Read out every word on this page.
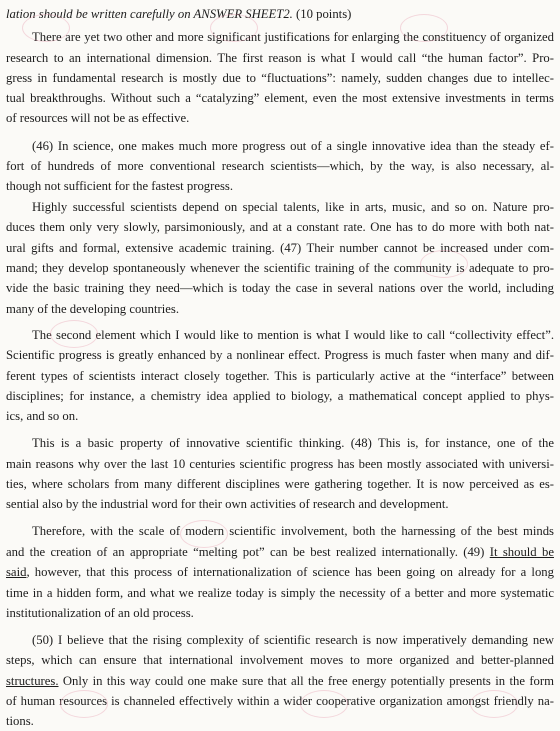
lation should be written carefully on ANSWER SHEET2. (10 points)
There are yet two other and more significant justifications for enlarging the constituency of organized
research to an international dimension. The first reason is what I would call “the human factor”. Pro-
gress in fundamental research is mostly due to “fluctuations”: namely, sudden changes due to intellec-
tual breakthroughs. Without such a “catalyzing” element, even the most extensive investments in terms
of resources will not be as effective.
(46) In science, one makes much more progress out of a single innovative idea than the steady ef-
fort of hundreds of more conventional research scientists—which, by the way, is also necessary, al-
though not sufficient for the fastest progress.
Highly successful scientists depend on special talents, like in arts, music, and so on. Nature pro-
duces them only very slowly, parsimoniously, and at a constant rate. One has to do more with both nat-
ural gifts and formal, extensive academic training. (47) Their number cannot be increased under com-
mand; they develop spontaneously whenever the scientific training of the community is adequate to pro-
vide the basic training they need—which is today the case in several nations over the world, including
many of the developing countries.
The second element which I would like to mention is what I would like to call “collectivity effect”.
Scientific progress is greatly enhanced by a nonlinear effect. Progress is much faster when many and dif-
ferent types of scientists interact closely together. This is particularly active at the “interface” between
disciplines; for instance, a chemistry idea applied to biology, a mathematical concept applied to phys-
ics, and so on.
This is a basic property of innovative scientific thinking. (48) This is, for instance, one of the
main reasons why over the last 10 centuries scientific progress has been mostly associated with universi-
ties, where scholars from many different disciplines were gathering together. It is now perceived as es-
sential also by the industrial word for their own activities of research and development.
Therefore, with the scale of modern scientific involvement, both the harnessing of the best minds
and the creation of an appropriate “melting pot” can be best realized internationally. (49) It should be
said, however, that this process of internationalization of science has been going on already for a long
time in a hidden form, and what we realize today is simply the necessity of a better and more systematic
institutionalization of an old process.
(50) I believe that the rising complexity of scientific research is now imperatively demanding new
steps, which can ensure that international involvement moves to more organized and better-planned
structures. Only in this way could one make sure that all the free energy potentially presents in the form
of human resources is channeled effectively within a wider cooperative organization amongst friendly na-
tions.
